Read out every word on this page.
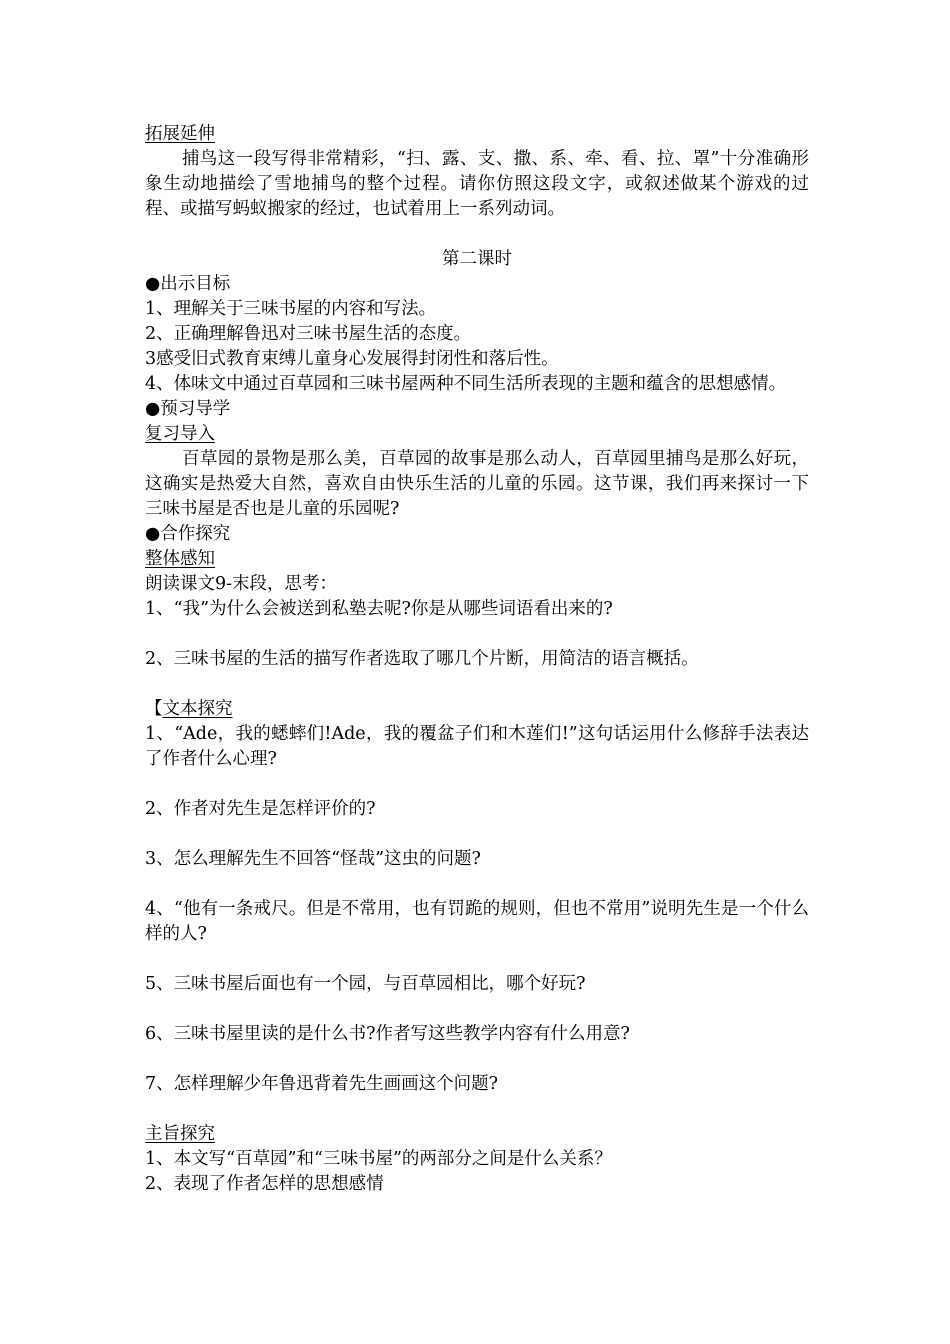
拓展延伸

捕鸟这一段写得非常精彩，“扫、露、支、撒、系、牵、看、拉、罩”十分准确形象生动地描绘了雪地捕鸟的整个过程。请你仿照这段文字，或叙述做某个游戏的过程、或描写蚂蚁搬家的经过，也试着用上一系列动词。

第二课时

●出示目标

1、理解关于三味书屋的内容和写法。

2、正确理解鲁迅对三味书屋生活的态度。

3感受旧式教育束缚儿童身心发展得封闭性和落后性。

4、体味文中通过百草园和三味书屋两种不同生活所表现的主题和蕴含的思想感情。

●预习导学

复习导入

百草园的景物是那么美，百草园的故事是那么动人，百草园里捕鸟是那么好玩，这确实是热爱大自然，喜欢自由快乐生活的儿童的乐园。这节课，我们再来探讨一下三味书屋是否也是儿童的乐园呢?

●合作探究

整体感知

朗读课文9-末段，思考：

1、“我”为什么会被送到私塾去呢?你是从哪些词语看出来的?

2、三味书屋的生活的描写作者选取了哪几个片断，用简洁的语言概括。

【文本探究

1、“Ade，我的蟋蟀们!Ade，我的覆盆子们和木莲们!”这句话运用什么修辞手法表达了作者什么心理?

2、作者对先生是怎样评价的?

3、怎么理解先生不回答“怪哉”这虫的问题?

4、“他有一条戒尺。但是不常用，也有罚跪的规则，但也不常用”说明先生是一个什么样的人?

5、三味书屋后面也有一个园，与百草园相比，哪个好玩?

6、三味书屋里读的是什么书?作者写这些教学内容有什么用意?

7、怎样理解少年鲁迅背着先生画画这个问题?

主旨探究

1、本文写“百草园”和“三味书屋”的两部分之间是什么关系？

2、表现了作者怎样的思想感情
